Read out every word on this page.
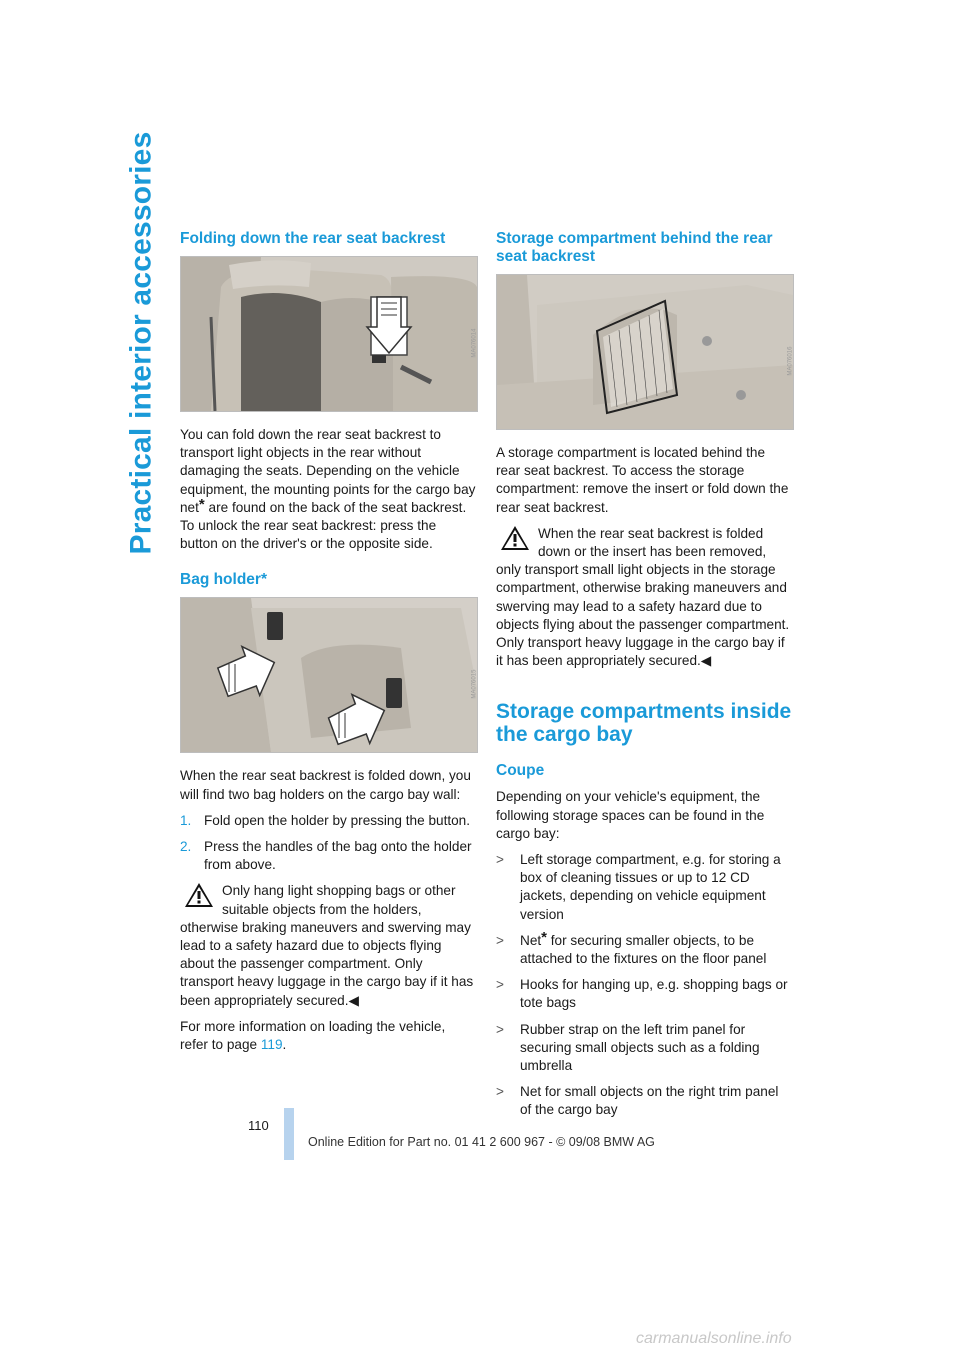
Practical interior accessories Folding down the rear seat backrest
MA076014

You can fold down the rear seat backrest to transport light objects in the rear without damaging the seats. Depending on the vehicle equipment, the mounting points for the cargo bay net* are found on the back of the seat backrest. To unlock the rear seat backrest: press the button on the driver's or the opposite side.

Bag holder*
MA076015

When the rear seat backrest is folded down, you will find two bag holders on the cargo bay wall:

1. Fold open the holder by pressing the button.
2. Press the handles of the bag onto the holder from above.

Only hang light shopping bags or other suitable objects from the holders, otherwise braking maneuvers and swerving may lead to a safety hazard due to objects flying about the passenger compartment. Only transport heavy luggage in the cargo bay if it has been appropriately secured.◀

For more information on loading the vehicle, refer to page 119.

Storage compartment behind the rear seat backrest
MA076016

A storage compartment is located behind the rear seat backrest. To access the storage compartment: remove the insert or fold down the rear seat backrest.

When the rear seat backrest is folded down or the insert has been removed, only transport small light objects in the storage compartment, otherwise braking maneuvers and swerving may lead to a safety hazard due to objects flying about the passenger compartment. Only transport heavy luggage in the cargo bay if it has been appropriately secured.◀

Storage compartments inside the cargo bay
Coupe

Depending on your vehicle's equipment, the following storage spaces can be found in the cargo bay:

> Left storage compartment, e.g. for storing a box of cleaning tissues or up to 12 CD jackets, depending on vehicle equipment version
> Net* for securing smaller objects, to be attached to the fixtures on the floor panel
> Hooks for hanging up, e.g. shopping bags or tote bags
> Rubber strap on the left trim panel for securing small objects such as a folding umbrella
> Net for small objects on the right trim panel of the cargo bay
110
Online Edition for Part no. 01 41 2 600 967 - © 09/08 BMW AG
carmanualsonline.info
